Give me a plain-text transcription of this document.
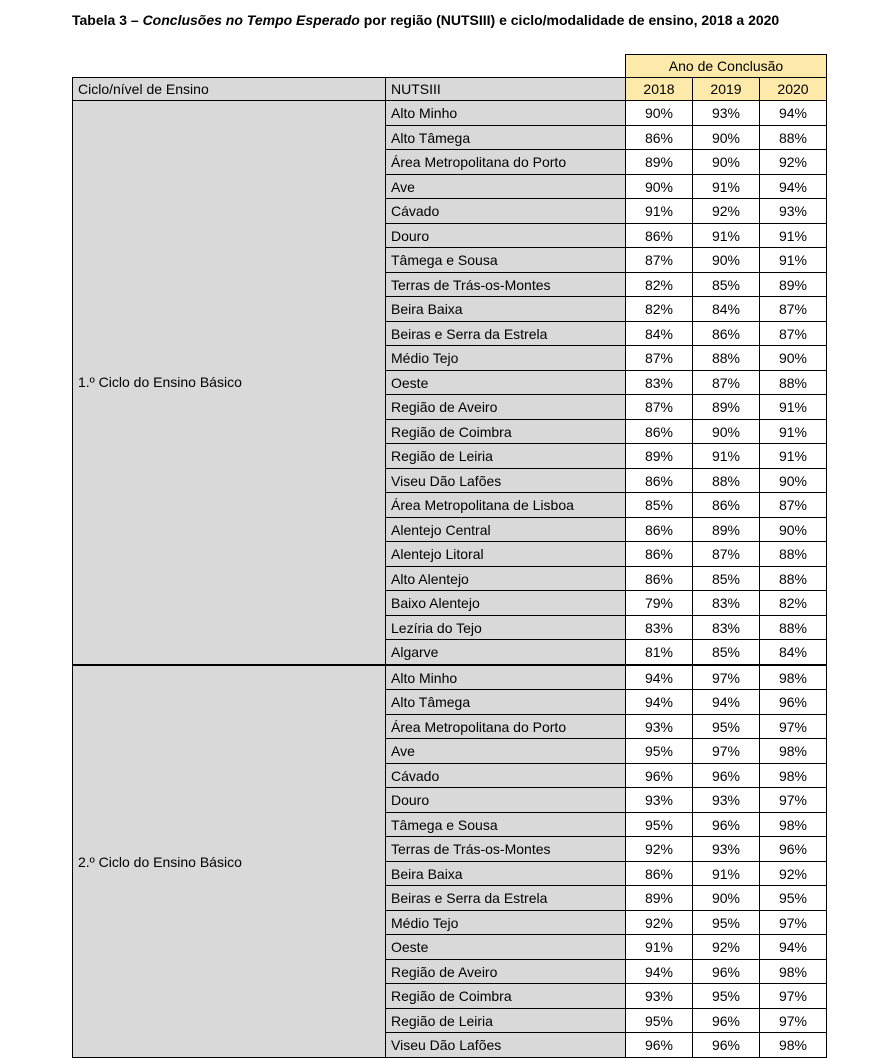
Tabela 3 – Conclusões no Tempo Esperado por região (NUTSIII) e ciclo/modalidade de ensino, 2018 a 2020
		Ano de Conclusão		
Ciclo/nível de Ensino	NUTSIII	2018	2019	2020
1.º Ciclo do Ensino Básico	Alto Minho	90%	93%	94%
	Alto Tâmega	86%	90%	88%
	Área Metropolitana do Porto	89%	90%	92%
	Ave	90%	91%	94%
	Cávado	91%	92%	93%
	Douro	86%	91%	91%
	Tâmega e Sousa	87%	90%	91%
	Terras de Trás-os-Montes	82%	85%	89%
	Beira Baixa	82%	84%	87%
	Beiras e Serra da Estrela	84%	86%	87%
	Médio Tejo	87%	88%	90%
	Oeste	83%	87%	88%
	Região de Aveiro	87%	89%	91%
	Região de Coimbra	86%	90%	91%
	Região de Leiria	89%	91%	91%
	Viseu Dão Lafões	86%	88%	90%
	Área Metropolitana de Lisboa	85%	86%	87%
	Alentejo Central	86%	89%	90%
	Alentejo Litoral	86%	87%	88%
	Alto Alentejo	86%	85%	88%
	Baixo Alentejo	79%	83%	82%
	Lezíria do Tejo	83%	83%	88%
	Algarve	81%	85%	84%
2.º Ciclo do Ensino Básico	Alto Minho	94%	97%	98%
	Alto Tâmega	94%	94%	96%
	Área Metropolitana do Porto	93%	95%	97%
	Ave	95%	97%	98%
	Cávado	96%	96%	98%
	Douro	93%	93%	97%
	Tâmega e Sousa	95%	96%	98%
	Terras de Trás-os-Montes	92%	93%	96%
	Beira Baixa	86%	91%	92%
	Beiras e Serra da Estrela	89%	90%	95%
	Médio Tejo	92%	95%	97%
	Oeste	91%	92%	94%
	Região de Aveiro	94%	96%	98%
	Região de Coimbra	93%	95%	97%
	Região de Leiria	95%	96%	97%
	Viseu Dão Lafões	96%	96%	98%
